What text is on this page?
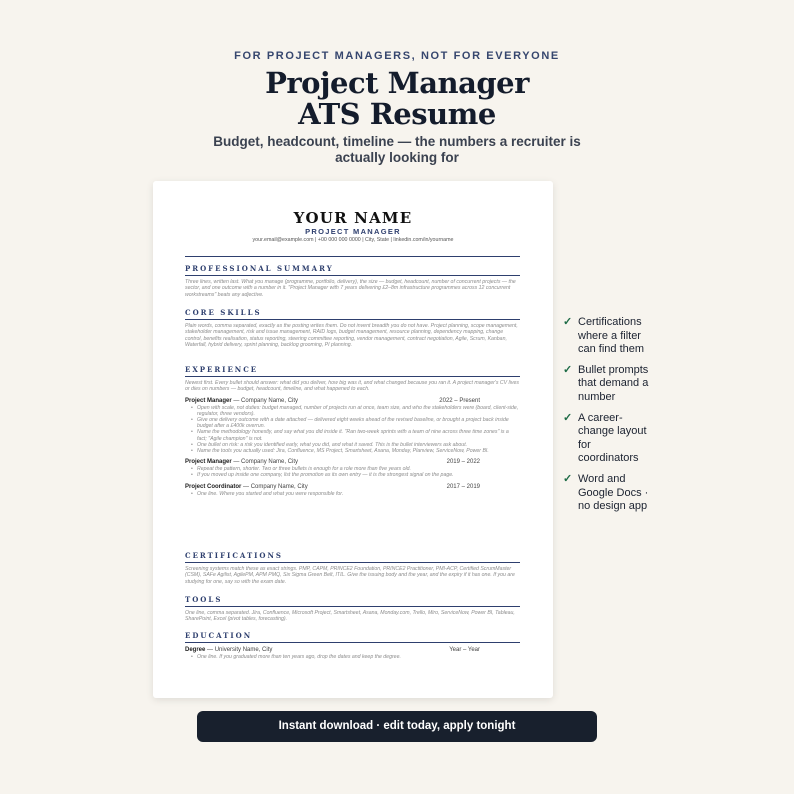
FOR PROJECT MANAGERS, NOT FOR EVERYONE
Project Manager
ATS Resume
Budget, headcount, timeline — the numbers a recruiter is actually looking for
YOUR NAME
PROJECT MANAGER
your.email@example.com | +00 000 000 0000 | City, State | linkedin.com/in/yourname
PROFESSIONAL SUMMARY
Three lines, written last. What you manage (programme, portfolio, delivery), the size — budget, headcount, number of concurrent projects — the sector, and one outcome with a number in it. "Project Manager with 7 years delivering £2–8m infrastructure programmes across 12 concurrent workstreams" beats any adjective.
CORE SKILLS
Plain words, comma separated, exactly as the posting writes them. Do not invent breadth you do not have. Project planning, scope management, stakeholder management, risk and issue management, RAID logs, budget management, resource planning, dependency mapping, change control, benefits realisation, status reporting, steering committee reporting, vendor management, contract negotiation, Agile, Scrum, Kanban, Waterfall, hybrid delivery, sprint planning, backlog grooming, PI planning.
EXPERIENCE
Newest first. Every bullet should answer: what did you deliver, how big was it, and what changed because you ran it. A project manager's CV lives or dies on numbers — budget, headcount, timeline, and what happened to each.
Project Manager — Company Name, City	2022 – Present
• Open with scale, not duties: budget managed, number of projects run at once, team size, and who the stakeholders were (board, client-side, regulator, three vendors).
• Give one delivery outcome with a date attached — delivered eight weeks ahead of the revised baseline, or brought a project back inside budget after a £400k overrun.
• Name the methodology honestly, and say what you did inside it. "Ran two-week sprints with a team of nine across three time zones" is a fact; "Agile champion" is not.
• One bullet on risk: a risk you identified early, what you did, and what it saved. This is the bullet interviewers ask about.
• Name the tools you actually used: Jira, Confluence, MS Project, Smartsheet, Asana, Monday, Planview, ServiceNow, Power BI.
Project Manager — Company Name, City	2019 – 2022
• Repeat the pattern, shorter. Two or three bullets is enough for a role more than five years old.
• If you moved up inside one company, list the promotion as its own entry — it is the strongest signal on the page.
Project Coordinator — Company Name, City	2017 – 2019
• One line. Where you started and what you were responsible for.
CERTIFICATIONS
Screening systems match these as exact strings. PMP, CAPM, PRINCE2 Foundation, PRINCE2 Practitioner, PMI-ACP, Certified ScrumMaster (CSM), SAFe Agilist, AgilePM, APM PMQ, Six Sigma Green Belt, ITIL. Give the issuing body and the year, and the expiry if it has one. If you are studying for one, say so with the exam date.
TOOLS
One line, comma separated. Jira, Confluence, Microsoft Project, Smartsheet, Asana, Monday.com, Trello, Miro, ServiceNow, Power BI, Tableau, SharePoint, Excel (pivot tables, forecasting).
EDUCATION
Degree — University Name, City	Year – Year
• One line. If you graduated more than ten years ago, drop the dates and keep the degree.
✓ Certifications where a filter can find them
✓ Bullet prompts that demand a number
✓ A career-change layout for coordinators
✓ Word and Google Docs · no design app
Instant download · edit today, apply tonight
